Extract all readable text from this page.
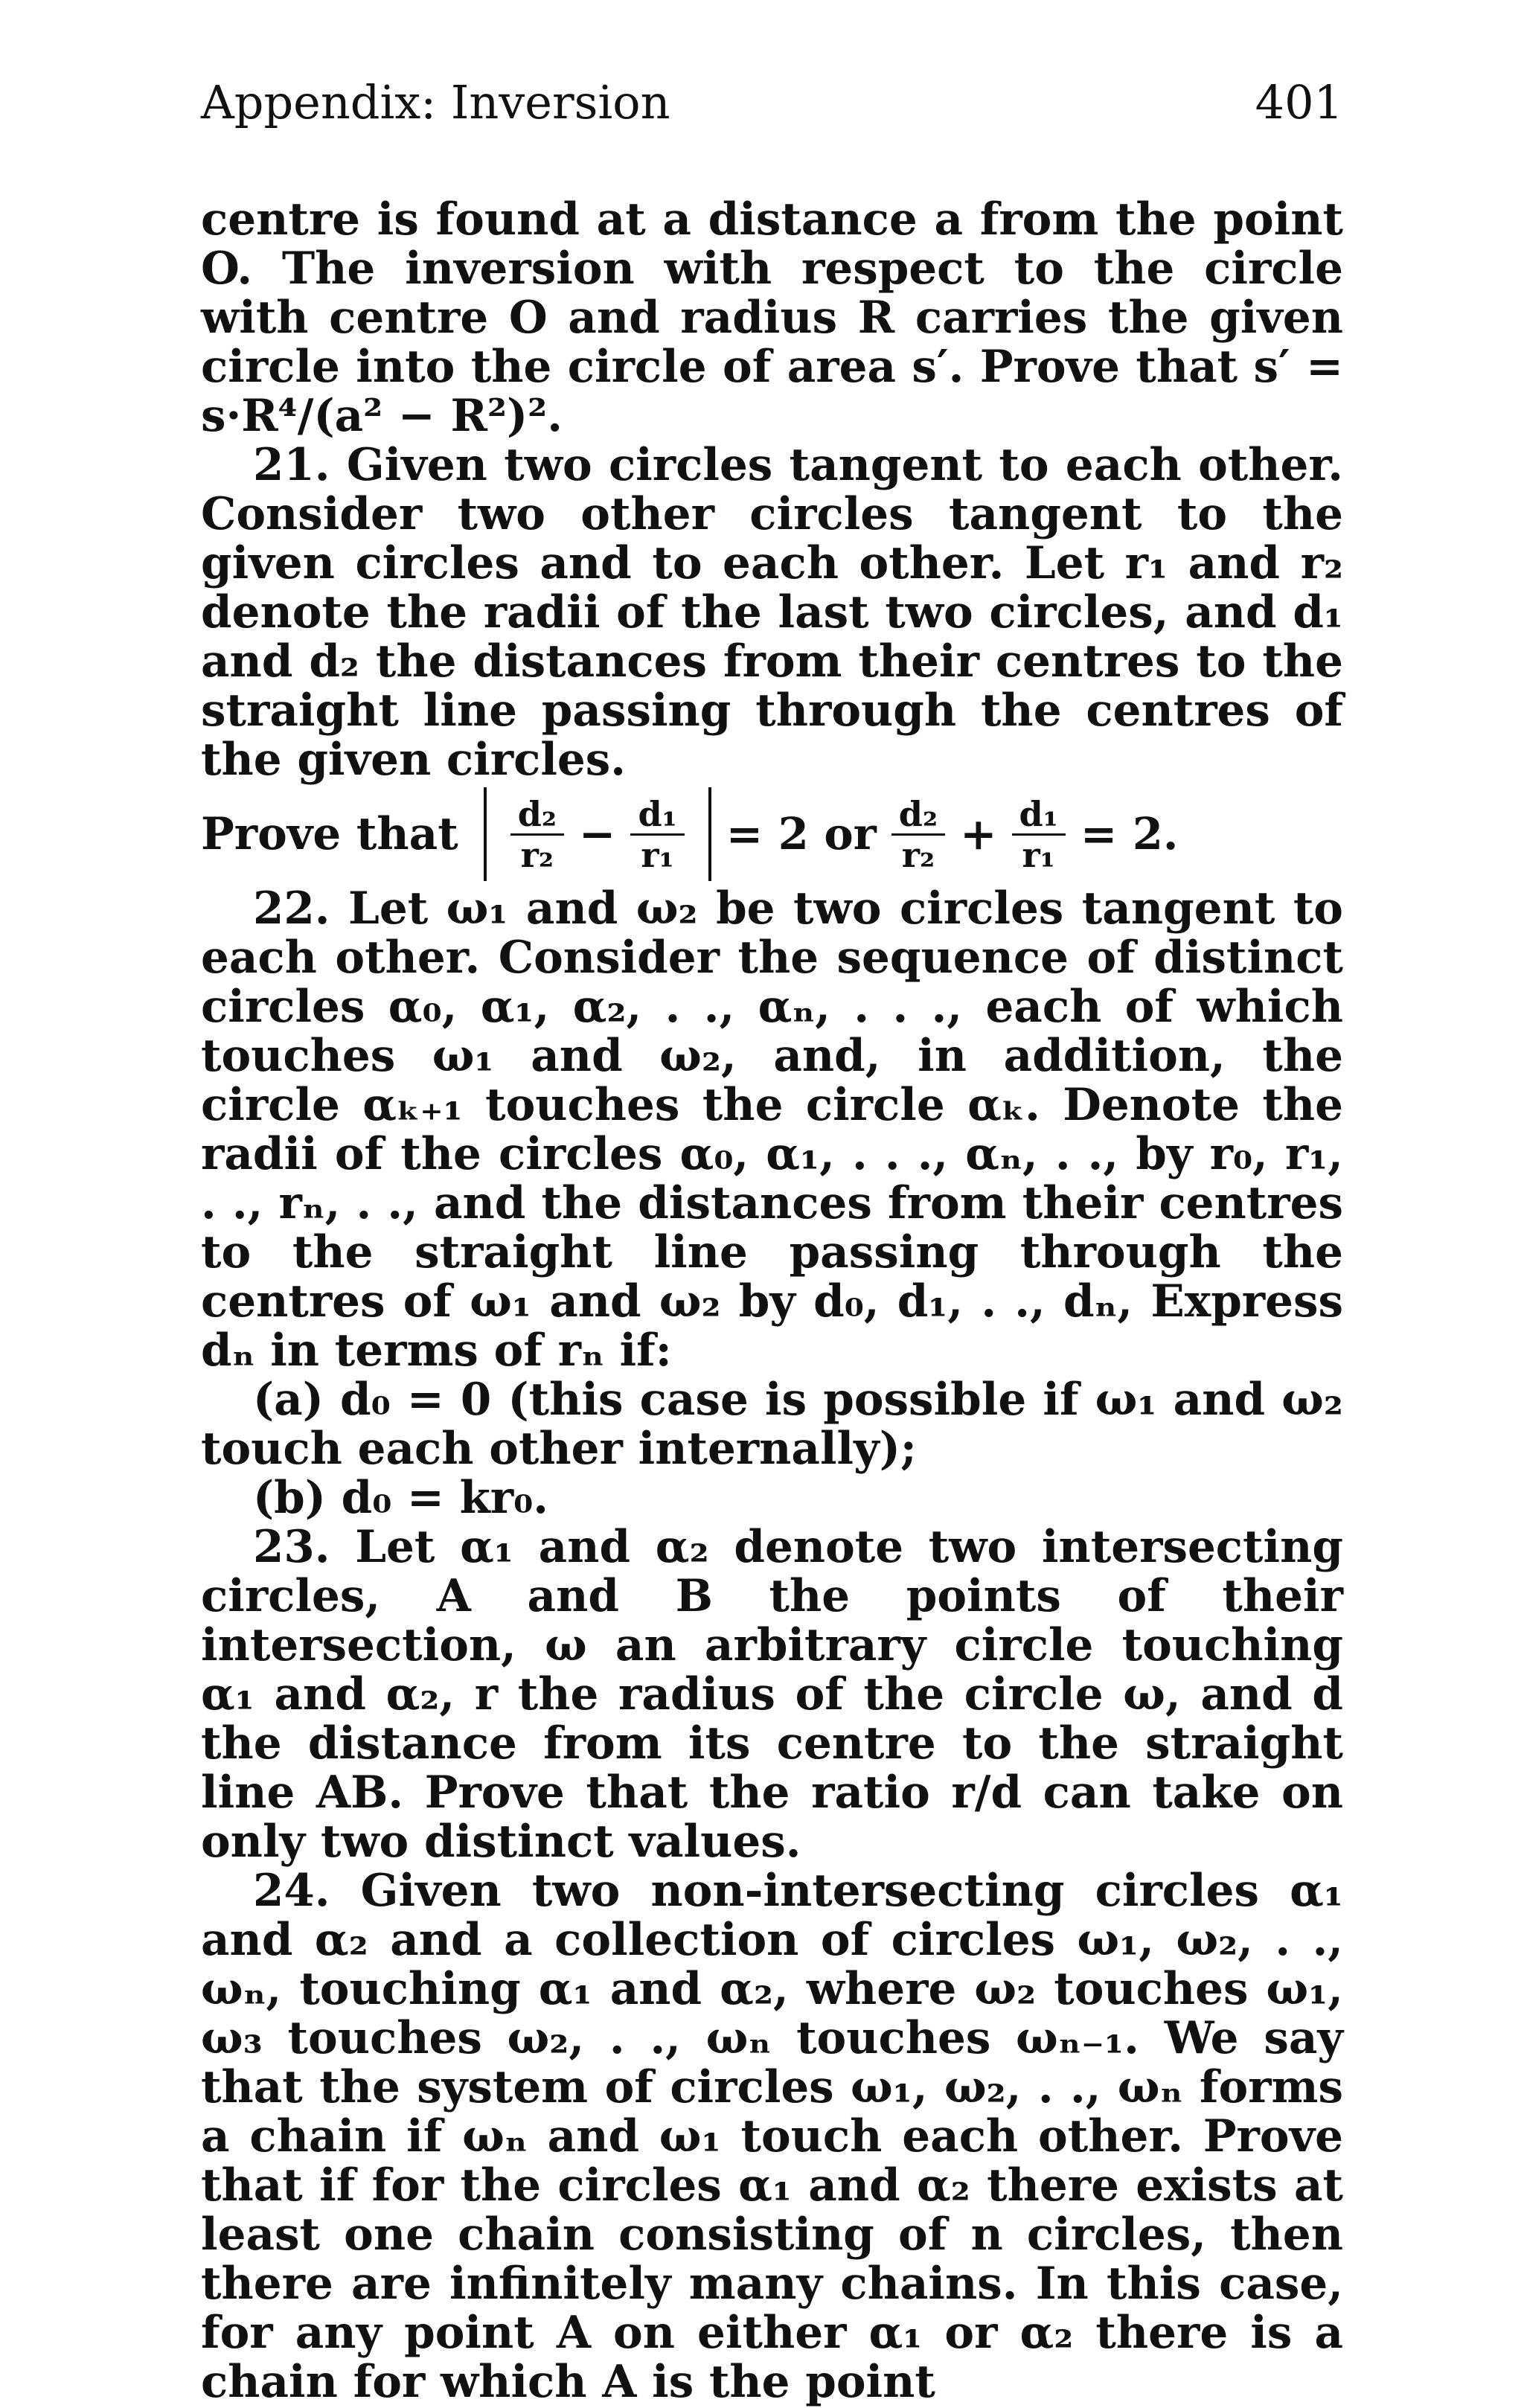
Appendix: Inversion	401

centre is found at a distance a from the point O. The inversion with respect to the circle with centre O and radius R carries the given circle into the circle of area s′. Prove that s′ = s·R⁴/(a² − R²)².

21. Given two circles tangent to each other. Consider two other circles tangent to the given circles and to each other. Let r₁ and r₂ denote the radii of the last two circles, and d₁ and d₂ the distances from their centres to the straight line passing through the centres of the given circles.

Prove that $\frac{\text{d₂}}{\text{r₂}} - \frac{\text{d₁}}{\text{r₁}} = 2$ or $\frac{\text{d₂}}{\text{r₂}} + \frac{\text{d₁}}{\text{r₁}} = 2$.

22. Let ω₁ and ω₂ be two circles tangent to each other. Consider the sequence of distinct circles α₀, α₁, α₂, . ., αₙ, . . ., each of which touches ω₁ and ω₂, and, in addition, the circle αₖ₊₁ touches the circle αₖ. Denote the radii of the circles α₀, α₁, . . ., αₙ, . ., by r₀, r₁, . ., rₙ, . ., and the distances from their centres to the straight line passing through the centres of ω₁ and ω₂ by d₀, d₁, . ., dₙ, Express dₙ in terms of rₙ if:

(a) d₀ = 0 (this case is possible if ω₁ and ω₂ touch each other internally);

(b) d₀ = kr₀.

23. Let α₁ and α₂ denote two intersecting circles, A and B the points of their intersection, ω an arbitrary circle touching α₁ and α₂, r the radius of the circle ω, and d the distance from its centre to the straight line AB. Prove that the ratio r/d can take on only two distinct values.

24. Given two non-intersecting circles α₁ and α₂ and a collection of circles ω₁, ω₂, . ., ωₙ, touching α₁ and α₂, where ω₂ touches ω₁, ω₃ touches ω₂, . ., ωₙ touches ωₙ₋₁. We say that the system of circles ω₁, ω₂, . ., ωₙ forms a chain if ωₙ and ω₁ touch each other. Prove that if for the circles α₁ and α₂ there exists at least one chain consisting of n circles, then there are infinitely many chains. In this case, for any point A on either α₁ or α₂ there is a chain for which A is the point
